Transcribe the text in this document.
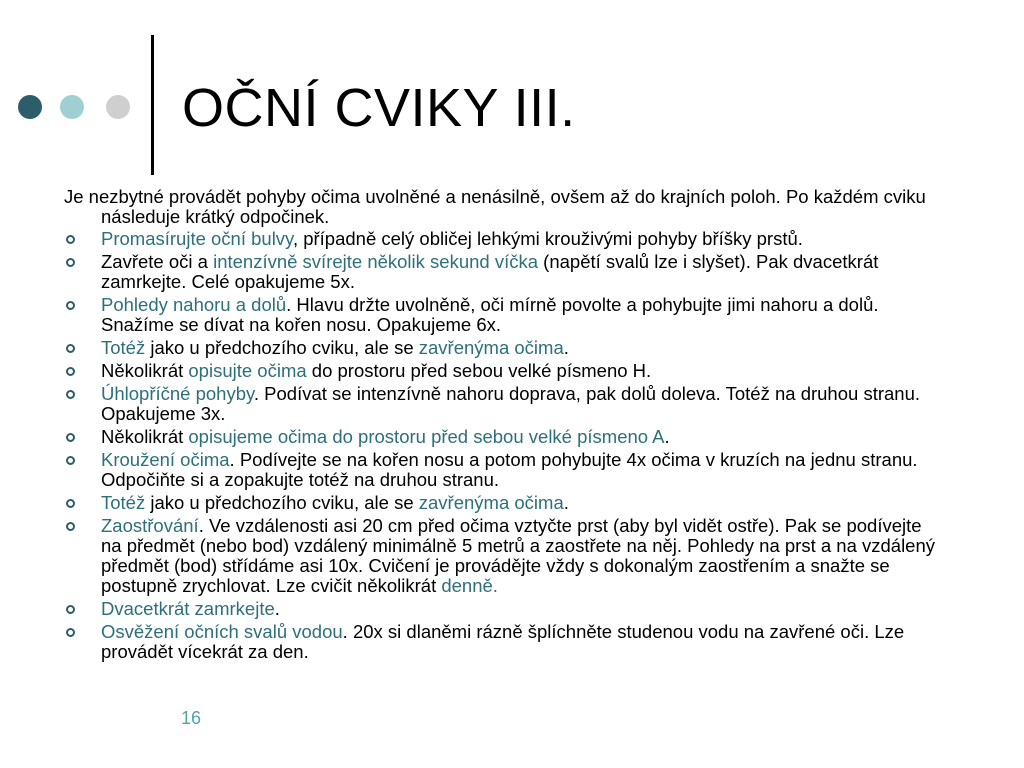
OČNÍ CVIKY III.

Je nezbytné provádět pohyby očima uvolněné a nenásilně, ovšem až do krajních poloh. Po každém cviku následuje krátký odpočinek.

Promasírujte oční bulvy, případně celý obličej lehkými krouživými pohyby bříšky prstů.
Zavřete oči a intenzívně svírejte několik sekund víčka (napětí svalů lze i slyšet). Pak dvacetkrát zamrkejte. Celé opakujeme 5x.
Pohledy nahoru a dolů. Hlavu držte uvolněně, oči mírně povolte a pohybujte jimi nahoru a dolů. Snažíme se dívat na kořen nosu. Opakujeme 6x.
Totéž jako u předchozího cviku, ale se zavřenýma očima.
Několikrát opisujte očima do prostoru před sebou velké písmeno H.
Úhlopříčné pohyby. Podívat se intenzívně nahoru doprava, pak dolů doleva. Totéž na druhou stranu. Opakujeme 3x.
Několikrát opisujeme očima do prostoru před sebou velké písmeno A.
Kroužení očima. Podívejte se na kořen nosu a potom pohybujte 4x očima v kruzích na jednu stranu. Odpočiňte si a zopakujte totéž na druhou stranu.
Totéž jako u předchozího cviku, ale se zavřenýma očima.
Zaostřování. Ve vzdálenosti asi 20 cm před očima vztyčte prst (aby byl vidět ostře). Pak se podívejte na předmět (nebo bod) vzdálený minimálně 5 metrů a zaostřete na něj. Pohledy na prst a na vzdálený předmět (bod) střídáme asi 10x. Cvičení je provádějte vždy s dokonalým zaostřením a snažte se postupně zrychlovat. Lze cvičit několikrát denně.
Dvacetkrát zamrkejte.
Osvěžení očních svalů vodou. 20x si dlaněmi rázně šplíchněte studenou vodu na zavřené oči. Lze provádět vícekrát za den.
16
